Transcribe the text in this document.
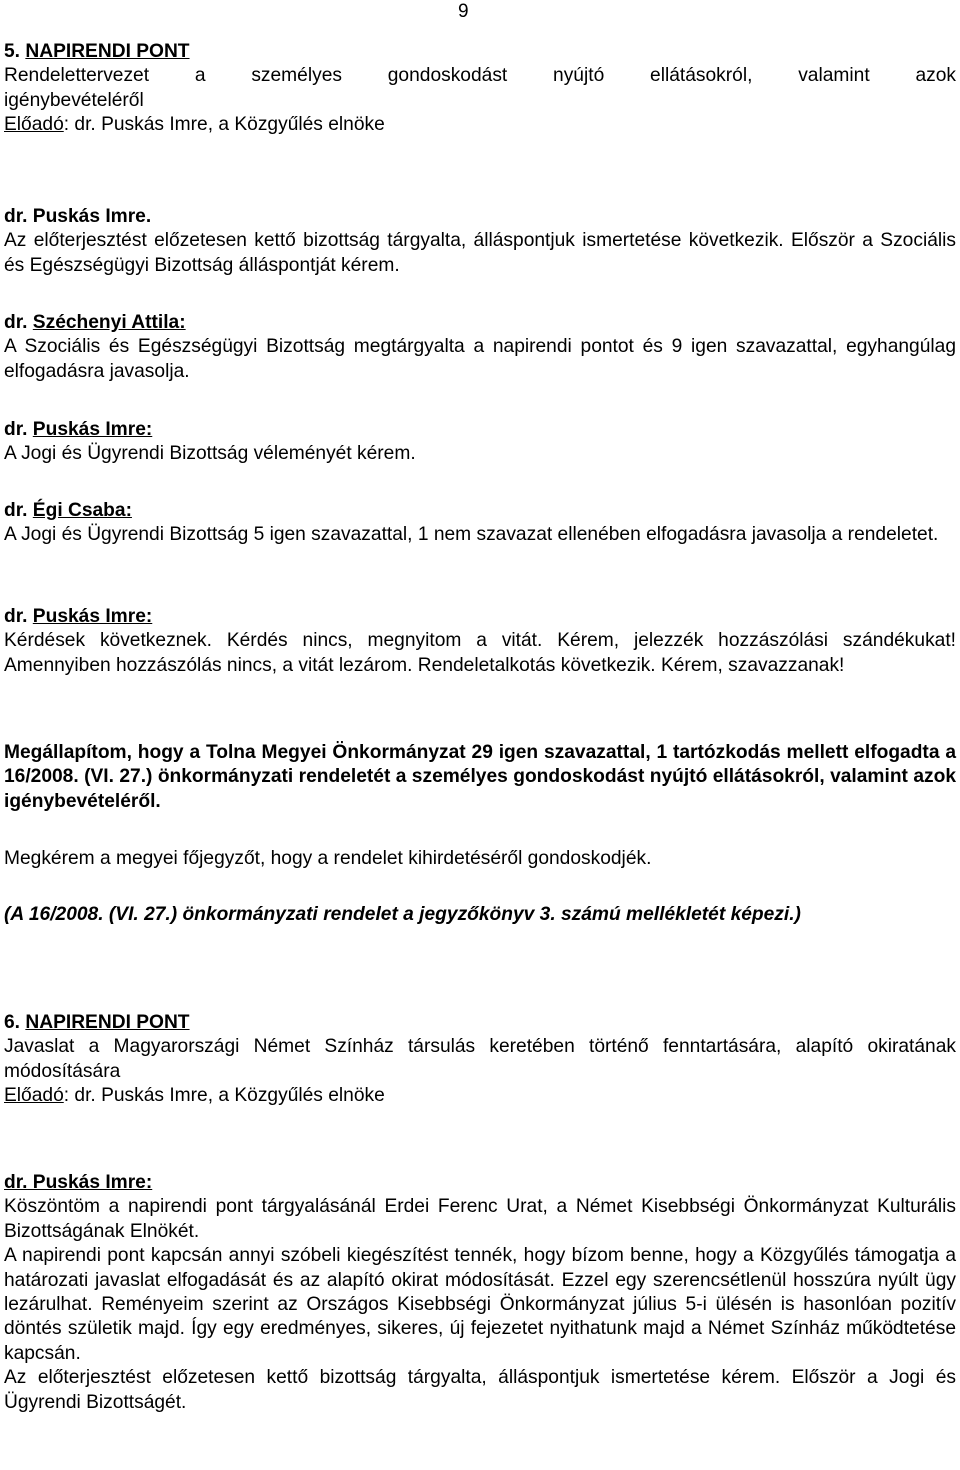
9

5. NAPIRENDI PONT

Rendelettervezet a személyes gondoskodást nyújtó ellátásokról, valamint azok

igénybevételéről

Előadó: dr. Puskás Imre, a Közgyűlés elnöke

dr. Puskás Imre.

Az előterjesztést előzetesen kettő bizottság tárgyalta, álláspontjuk ismertetése következik. Először a Szociális és Egészségügyi Bizottság álláspontját kérem.

dr. Széchenyi Attila:

A Szociális és Egészségügyi Bizottság megtárgyalta a napirendi pontot és 9 igen szavazattal, egyhangúlag elfogadásra javasolja.

dr. Puskás Imre:

A Jogi és Ügyrendi Bizottság véleményét kérem.

dr. Égi Csaba:

A Jogi és Ügyrendi Bizottság 5 igen szavazattal, 1 nem szavazat ellenében elfogadásra javasolja a rendeletet.

dr. Puskás Imre:

Kérdések következnek. Kérdés nincs, megnyitom a vitát. Kérem, jelezzék hozzászólási szándékukat! Amennyiben hozzászólás nincs, a vitát lezárom. Rendeletalkotás következik. Kérem, szavazzanak!

Megállapítom, hogy a Tolna Megyei Önkormányzat 29 igen szavazattal, 1 tartózkodás mellett elfogadta a 16/2008. (VI. 27.) önkormányzati rendeletét a személyes gondoskodást nyújtó ellátásokról, valamint azok igénybevételéről.

Megkérem a megyei főjegyzőt, hogy a rendelet kihirdetéséről gondoskodjék.

(A 16/2008. (VI. 27.) önkormányzati rendelet a jegyzőkönyv 3. számú mellékletét képezi.)

6. NAPIRENDI PONT

Javaslat a Magyarországi Német Színház társulás keretében történő fenntartására, alapító okiratának módosítására

Előadó: dr. Puskás Imre, a Közgyűlés elnöke

dr. Puskás Imre:

Köszöntöm a napirendi pont tárgyalásánál Erdei Ferenc Urat, a Német Kisebbségi Önkormányzat Kulturális Bizottságának Elnökét.

A napirendi pont kapcsán annyi szóbeli kiegészítést tennék, hogy bízom benne, hogy a Közgyűlés támogatja a határozati javaslat elfogadását és az alapító okirat módosítását. Ezzel egy szerencsétlenül hosszúra nyúlt ügy lezárulhat. Reményeim szerint az Országos Kisebbségi Önkormányzat július 5-i ülésén is hasonlóan pozitív döntés születik majd. Így egy eredményes, sikeres, új fejezetet nyithatunk majd a Német Színház működtetése kapcsán.

Az előterjesztést előzetesen kettő bizottság tárgyalta, álláspontjuk ismertetése kérem. Először a Jogi és Ügyrendi Bizottságét.
